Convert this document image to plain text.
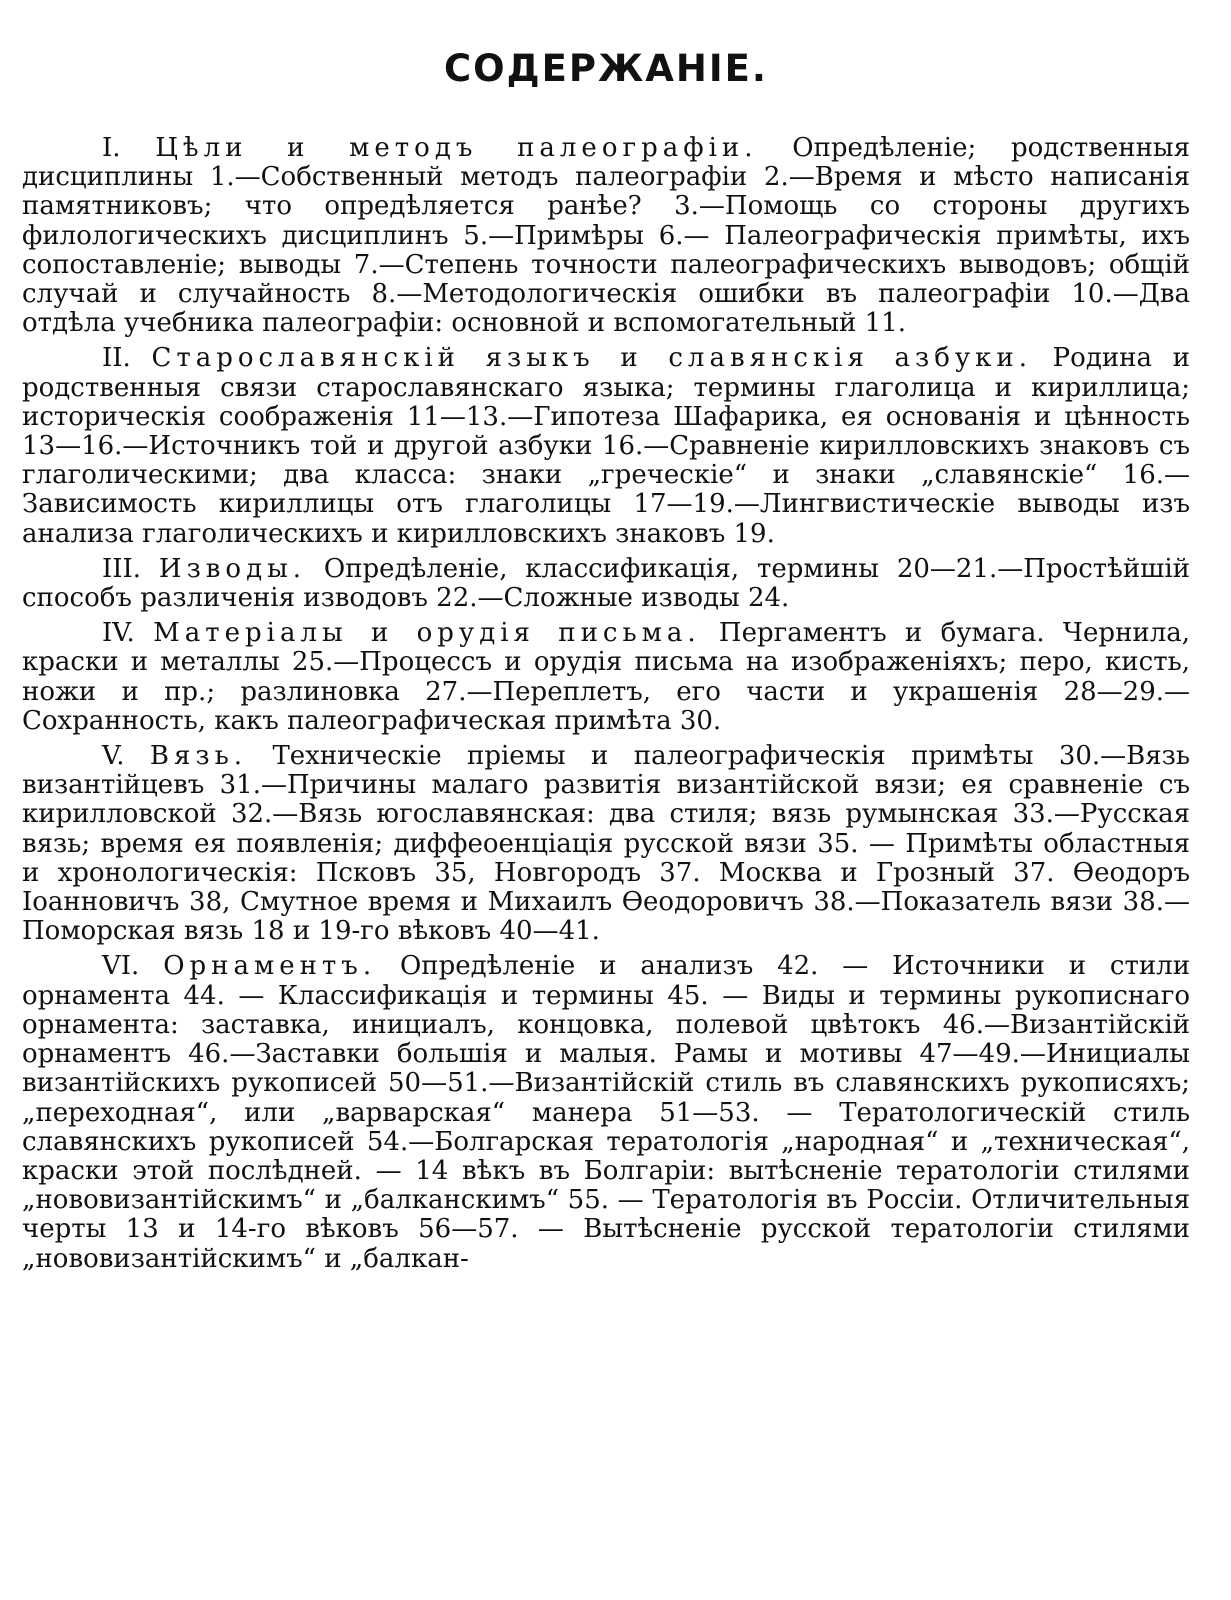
СОДЕРЖАНІЕ.

I. Цѣли и методъ палеографіи. Опредѣленіе; родственныя дисциплины 1.—Собственный методъ палеографіи 2.—Время и мѣсто написанія памятниковъ; что опредѣляется ранѣе? 3.—Помощь со стороны другихъ филологическихъ дисциплинъ 5.—Примѣры 6.— Палеографическія примѣты, ихъ сопоставленіе; выводы 7.—Степень точности палеографическихъ выводовъ; общій случай и случайность 8.—Методологическія ошибки въ палеографіи 10.—Два отдѣла учебника палеографіи: основной и вспомогательный 11.

II. Старославянскій языкъ и славянскія азбуки. Родина и родственныя связи старославянскаго языка; термины глаголица и кириллица; историческія соображенія 11—13.—Гипотеза Шафарика, ея основанія и цѣнность 13—16.—Источникъ той и другой азбуки 16.—Сравненіе кирилловскихъ знаковъ съ глаголическими; два класса: знаки „греческіе“ и знаки „славянскіе“ 16.—Зависимость кириллицы отъ глаголицы 17—19.—Лингвистическіе выводы изъ анализа глаголическихъ и кирилловскихъ знаковъ 19.

III. Изводы. Опредѣленіе, классификація, термины 20—21.—Простѣйшій способъ различенія изводовъ 22.—Сложные изводы 24.

IV. Матеріалы и орудія письма. Пергаментъ и бумага. Чернила, краски и металлы 25.—Процессъ и орудія письма на изображеніяхъ; перо, кисть, ножи и пр.; разлиновка 27.—Переплетъ, его части и украшенія 28—29.—Сохранность, какъ палеографическая примѣта 30.

V. Вязь. Техническіе пріемы и палеографическія примѣты 30.—Вязь византійцевъ 31.—Причины малаго развитія византійской вязи; ея сравненіе съ кирилловской 32.—Вязь югославянская: два стиля; вязь румынская 33.—Русская вязь; время ея появленія; диффеоенціація русской вязи 35. — Примѣты областныя и хронологическія: Псковъ 35, Новгородъ 37. Москва и Грозный 37. Ѳеодоръ Іоанновичъ 38, Смутное время и Михаилъ Ѳеодоровичъ 38.—Показатель вязи 38.— Поморская вязь 18 и 19-го вѣковъ 40—41.

VI. Орнаментъ. Опредѣленіе и анализъ 42. — Источники и стили орнамента 44. — Классификація и термины 45. — Виды и термины рукописнаго орнамента: заставка, инициалъ, концовка, полевой цвѣтокъ 46.—Византійскій орнаментъ 46.—Заставки большія и малыя. Рамы и мотивы 47—49.—Инициалы византійскихъ рукописей 50—51.—Византійскій стиль въ славянскихъ рукописяхъ; „переходная“, или „варварская“ манера 51—53. — Тератологическій стиль славянскихъ рукописей 54.—Болгарская тератологія „народная“ и „техническая“, краски этой послѣдней. — 14 вѣкъ въ Болгаріи: вытѣсненіе тератологіи стилями „нововизантійскимъ“ и „балканскимъ“ 55. — Тератологія въ Россіи. Отличительныя черты 13 и 14-го вѣковъ 56—57. — Вытѣсненіе русской тератологіи стилями „нововизантійскимъ“ и „балкан-
